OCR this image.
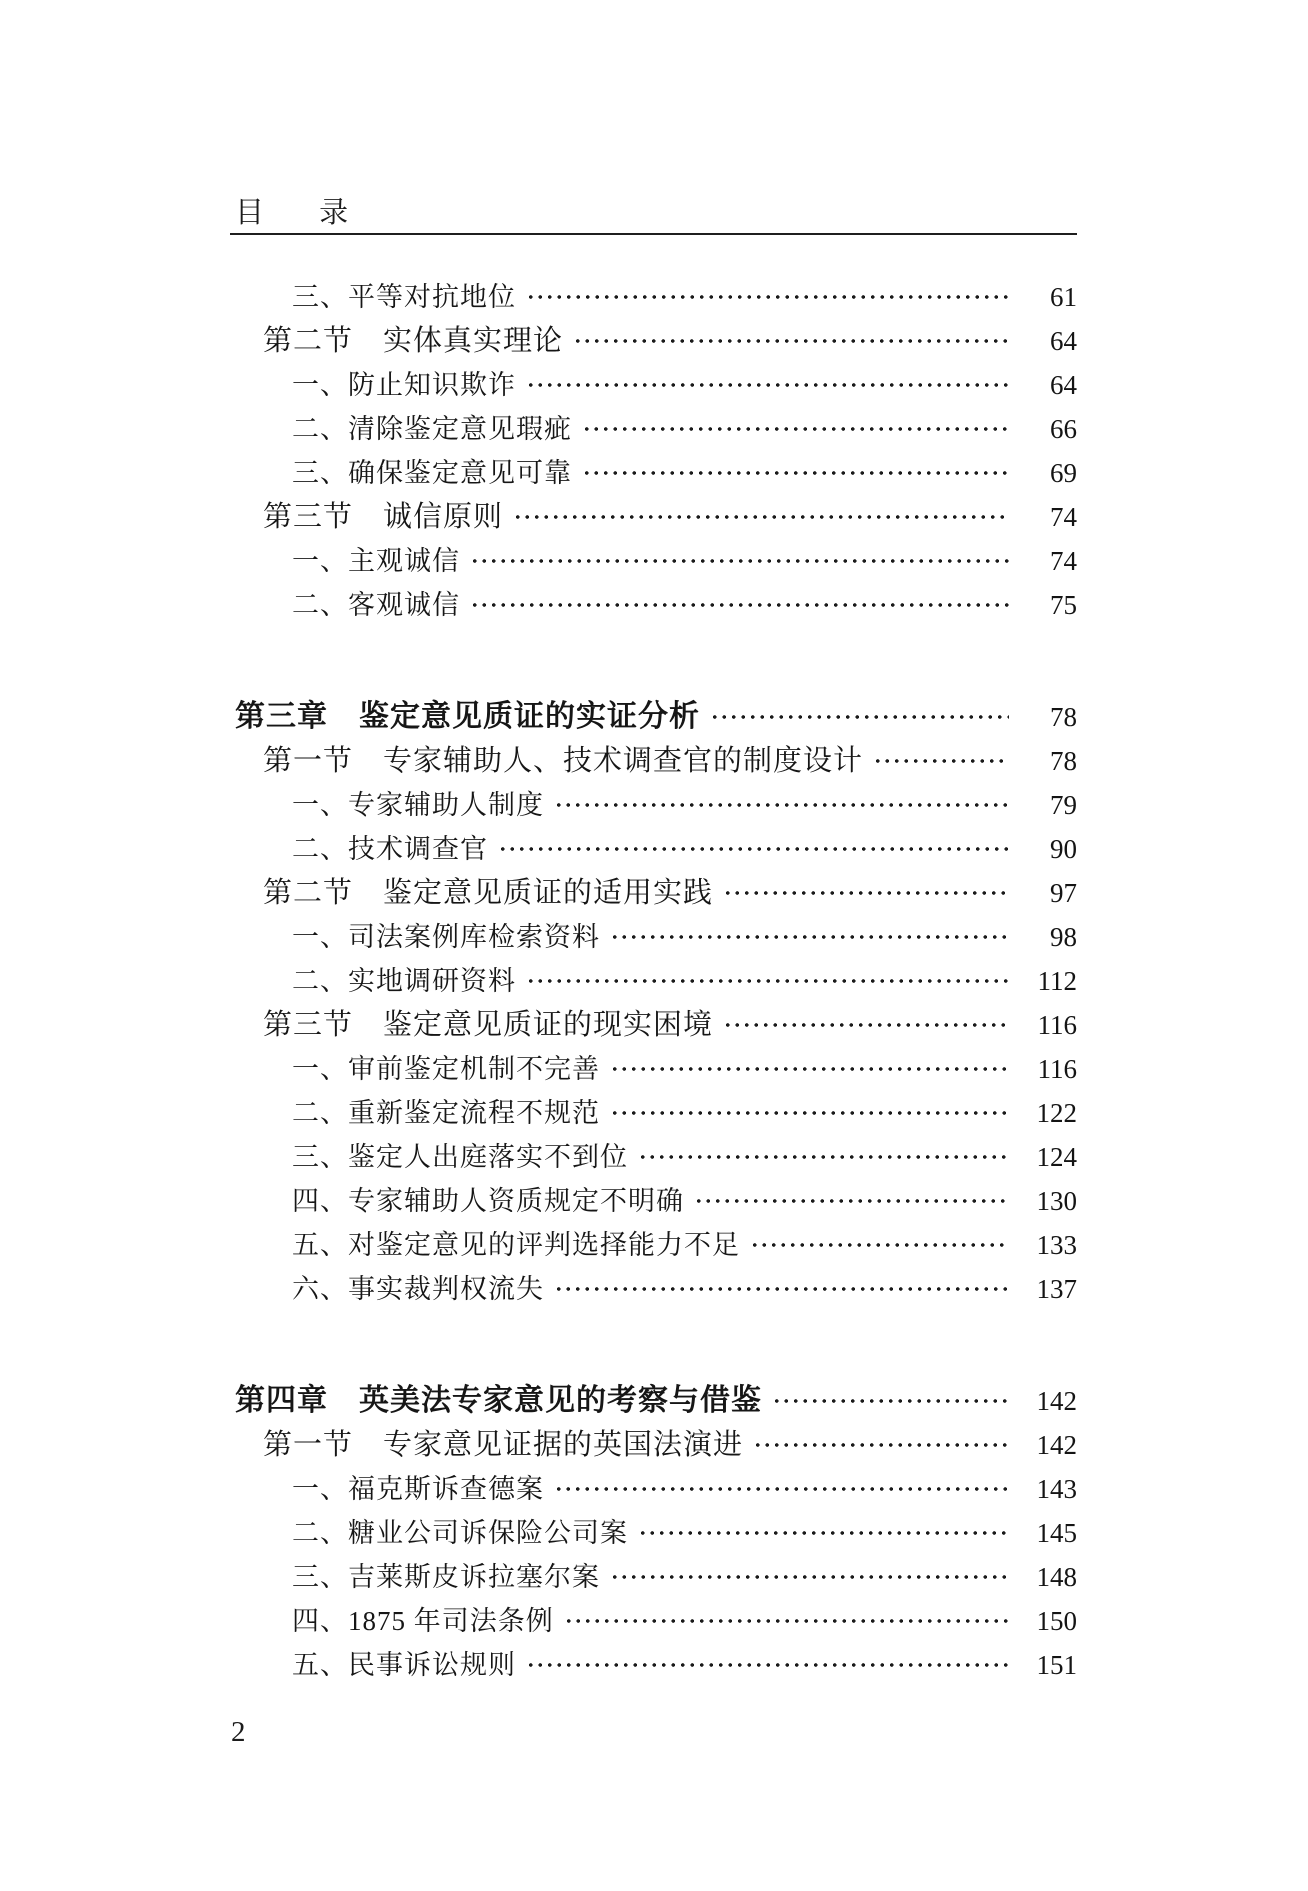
目　录
三、平等对抗地位	61
第二节　实体真实理论	64
一、防止知识欺诈	64
二、清除鉴定意见瑕疵	66
三、确保鉴定意见可靠	69
第三节　诚信原则	74
一、主观诚信	74
二、客观诚信	75
第三章　鉴定意见质证的实证分析	78
第一节　专家辅助人、技术调查官的制度设计	78
一、专家辅助人制度	79
二、技术调查官	90
第二节　鉴定意见质证的适用实践	97
一、司法案例库检索资料	98
二、实地调研资料	112
第三节　鉴定意见质证的现实困境	116
一、审前鉴定机制不完善	116
二、重新鉴定流程不规范	122
三、鉴定人出庭落实不到位	124
四、专家辅助人资质规定不明确	130
五、对鉴定意见的评判选择能力不足	133
六、事实裁判权流失	137
第四章　英美法专家意见的考察与借鉴	142
第一节　专家意见证据的英国法演进	142
一、福克斯诉查德案	143
二、糖业公司诉保险公司案	145
三、吉莱斯皮诉拉塞尔案	148
四、1875 年司法条例	150
五、民事诉讼规则	151
2
